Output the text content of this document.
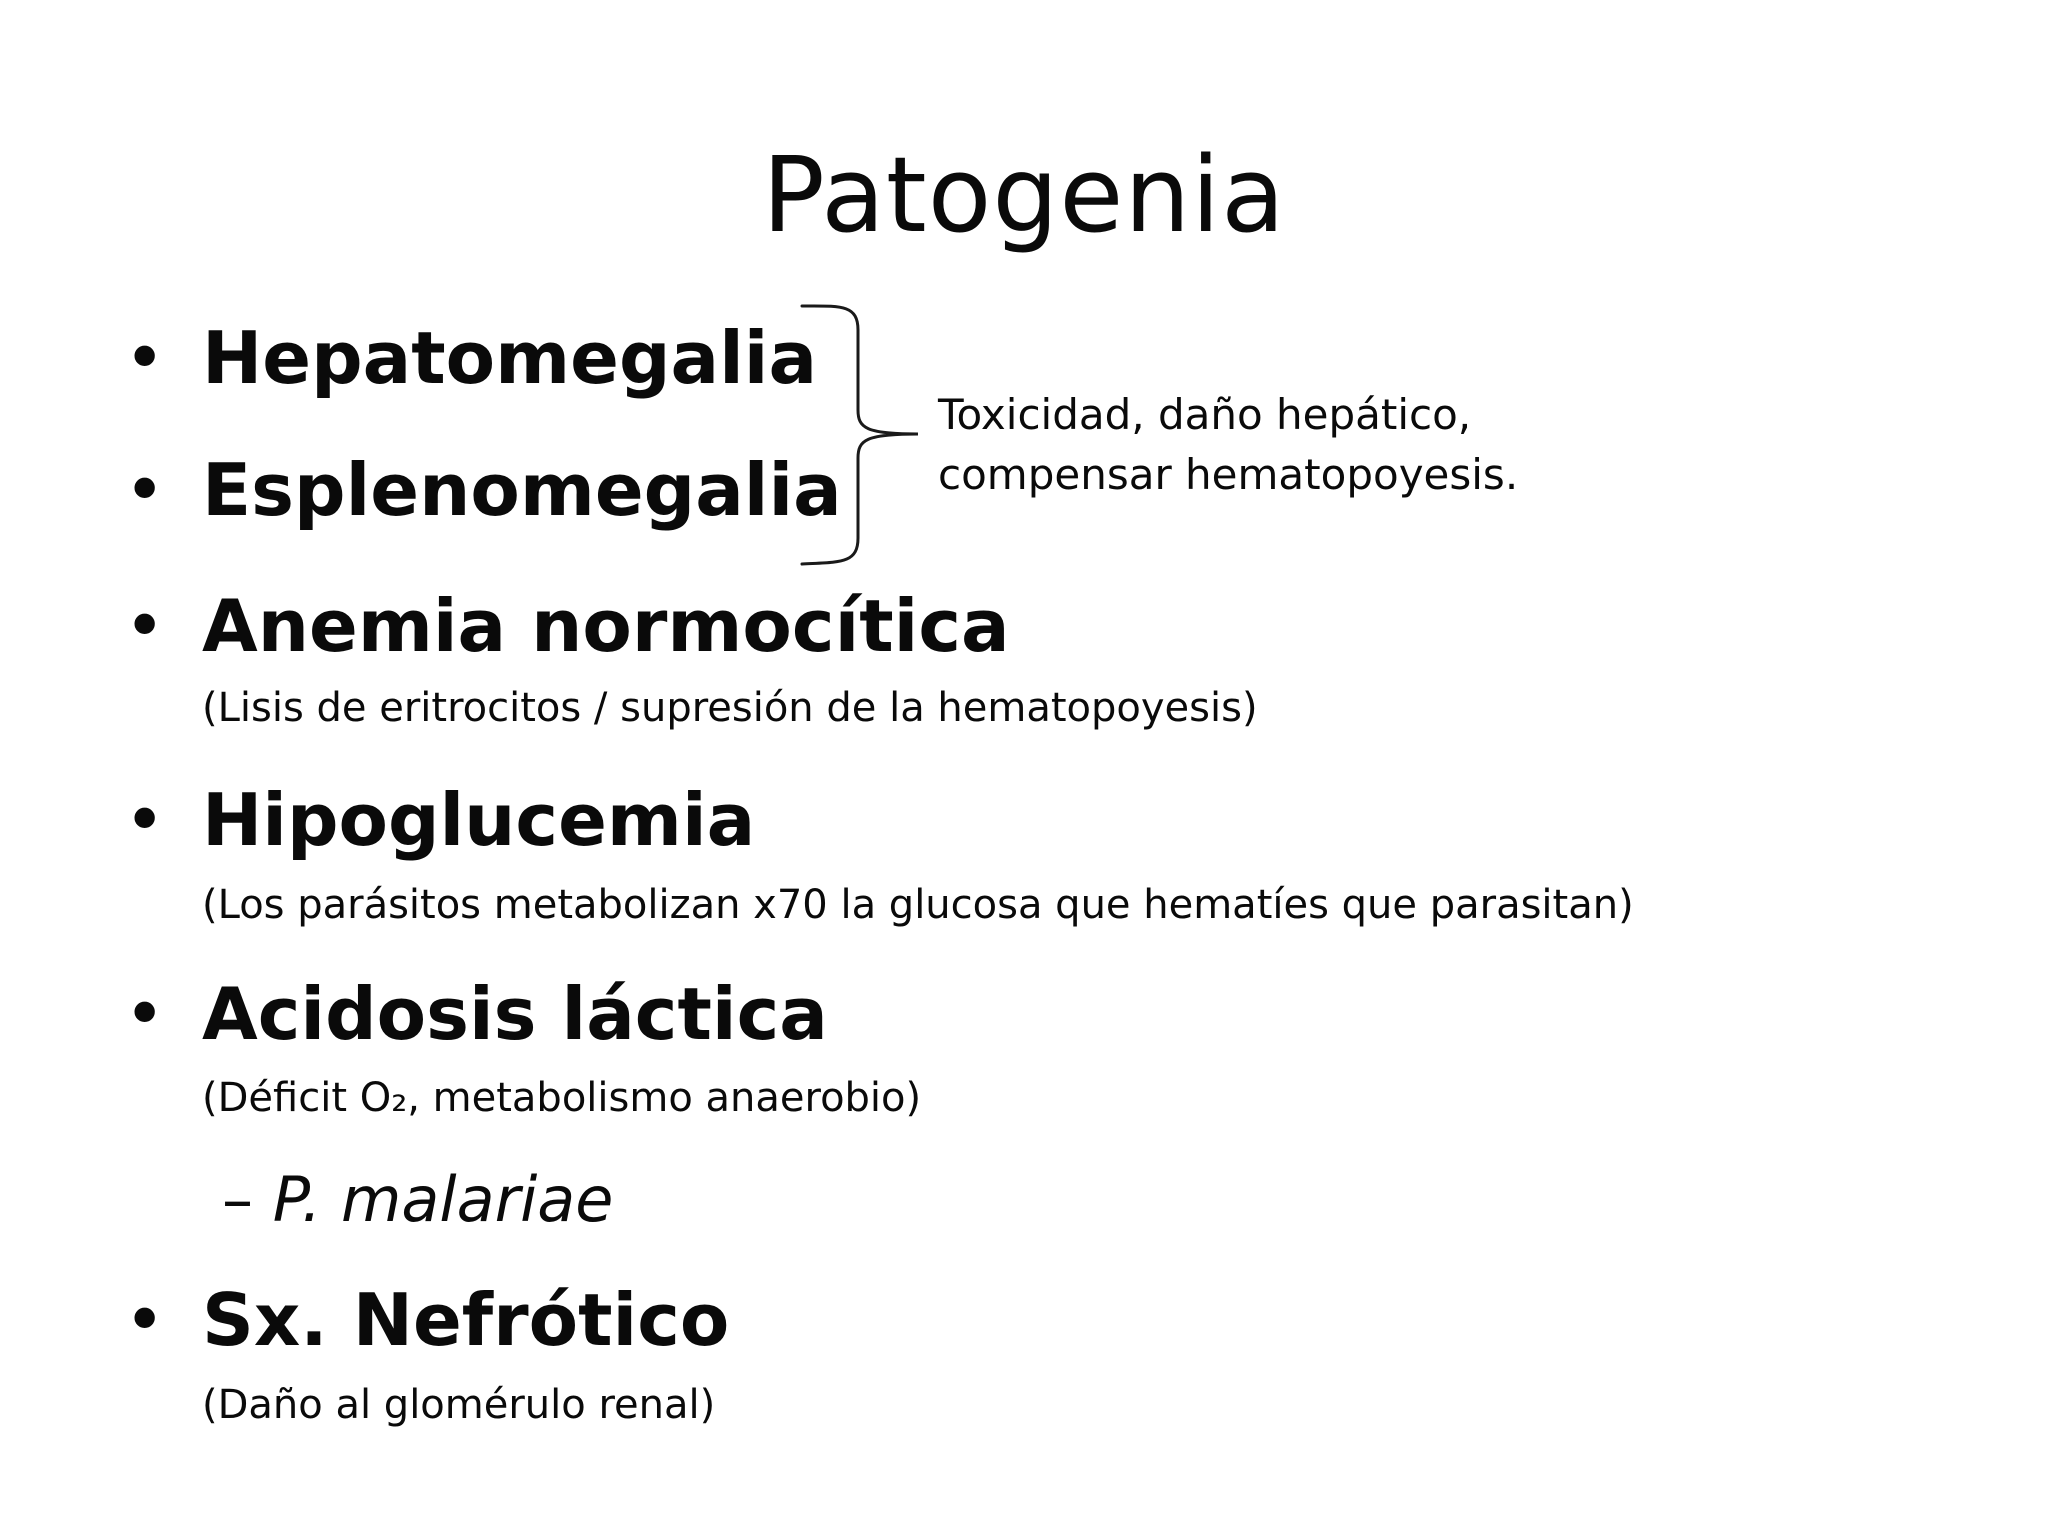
Patogenia
• Hepatomegalia
• Esplenomegalia
Toxicidad, daño hepático,
compensar hematopoyesis.
• Anemia normocítica
(Lisis de eritrocitos / supresión de la hematopoyesis)
• Hipoglucemia
(Los parásitos metabolizan x70 la glucosa que hematíes que parasitan)
• Acidosis láctica
(Déficit O₂, metabolismo anaerobio)
– P. malariae
• Sx. Nefrótico
(Daño al glomérulo renal)
